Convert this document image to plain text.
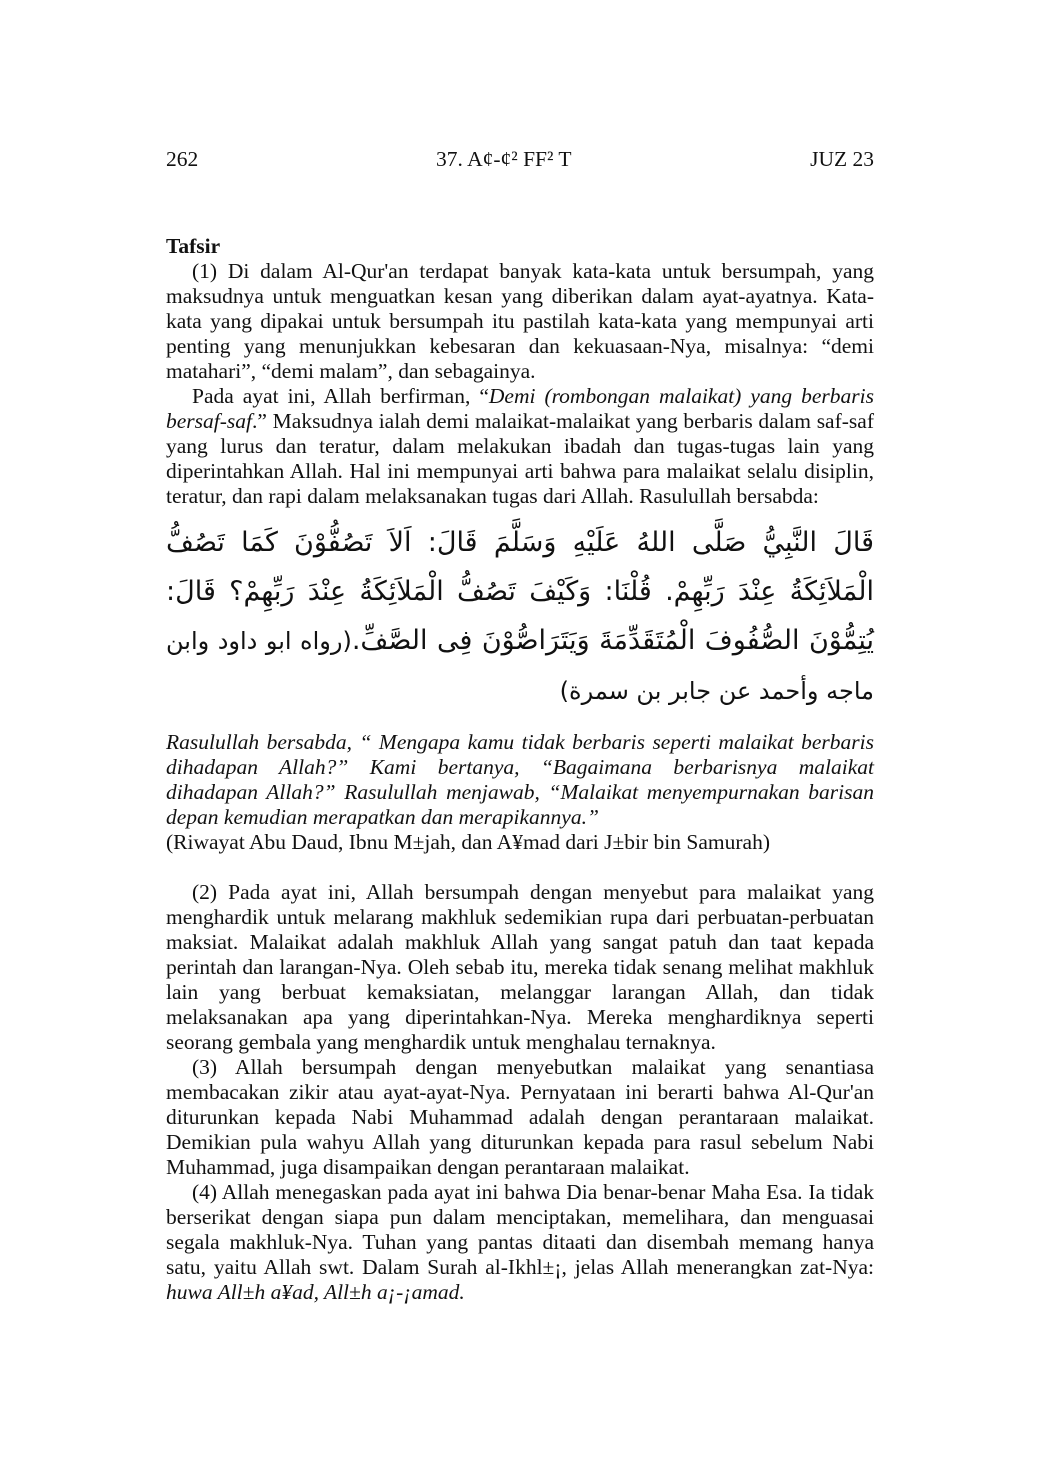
262	37. A¢-¢² FF² T	JUZ 23
Tafsir

(1) Di dalam Al-Qur'an terdapat banyak kata-kata untuk bersumpah, yang maksudnya untuk menguatkan kesan yang diberikan dalam ayat-ayatnya. Kata-kata yang dipakai untuk bersumpah itu pastilah kata-kata yang mempunyai arti penting yang menunjukkan kebesaran dan kekuasaan-Nya, misalnya: “demi matahari”, “demi malam”, dan sebagainya.

Pada ayat ini, Allah berfirman, “Demi (rombongan malaikat) yang berbaris bersaf-saf.” Maksudnya ialah demi malaikat-malaikat yang berbaris dalam saf-saf yang lurus dan teratur, dalam melakukan ibadah dan tugas-tugas lain yang diperintahkan Allah. Hal ini mempunyai arti bahwa para malaikat selalu disiplin, teratur, dan rapi dalam melaksanakan tugas dari Allah. Rasulullah bersabda:

قَالَ النَّبِيُّ صَلَّى اللهُ عَلَيْهِ وَسَلَّمَ قَالَ: اَلاَ تَصُفُّوْنَ كَمَا تَصُفُّ الْمَلاَئِكَةُ عِنْدَ رَبِّهِمْ. قُلْنَا: وَكَيْفَ تَصُفُّ الْمَلاَئِكَةُ عِنْدَ رَبِّهِمْ؟ قَالَ: يُتِمُّوْنَ الصُّفُوفَ الْمُتَقَدِّمَةَ وَيَتَرَاصُّوْنَ فِى الصَّفِّ.(رواه ابو داود وابن ماجه وأحمد عن جابر بن سمرة)

Rasulullah bersabda, “ Mengapa kamu tidak berbaris seperti malaikat berbaris dihadapan Allah?” Kami bertanya, “Bagaimana berbarisnya malaikat dihadapan Allah?” Rasulullah menjawab, “Malaikat menyempurnakan barisan depan kemudian merapatkan dan merapikannya.”

(Riwayat Abu Daud, Ibnu M±jah, dan A¥mad dari J±bir bin Samurah)

(2) Pada ayat ini, Allah bersumpah dengan menyebut para malaikat yang menghardik untuk melarang makhluk sedemikian rupa dari perbuatan-perbuatan maksiat. Malaikat adalah makhluk Allah yang sangat patuh dan taat kepada perintah dan larangan-Nya. Oleh sebab itu, mereka tidak senang melihat makhluk lain yang berbuat kemaksiatan, melanggar larangan Allah, dan tidak melaksanakan apa yang diperintahkan-Nya. Mereka menghardiknya seperti seorang gembala yang menghardik untuk menghalau ternaknya.

(3) Allah bersumpah dengan menyebutkan malaikat yang senantiasa membacakan zikir atau ayat-ayat-Nya. Pernyataan ini berarti bahwa Al-Qur'an diturunkan kepada Nabi Muhammad adalah dengan perantaraan malaikat. Demikian pula wahyu Allah yang diturunkan kepada para rasul sebelum Nabi Muhammad, juga disampaikan dengan perantaraan malaikat.

(4) Allah menegaskan pada ayat ini bahwa Dia benar-benar Maha Esa. Ia tidak berserikat dengan siapa pun dalam menciptakan, memelihara, dan menguasai segala makhluk-Nya. Tuhan yang pantas ditaati dan disembah memang hanya satu, yaitu Allah swt. Dalam Surah al-Ikhl±¡, jelas Allah menerangkan zat-Nya: huwa All±h a¥ad, All±h a¡-¡amad.
